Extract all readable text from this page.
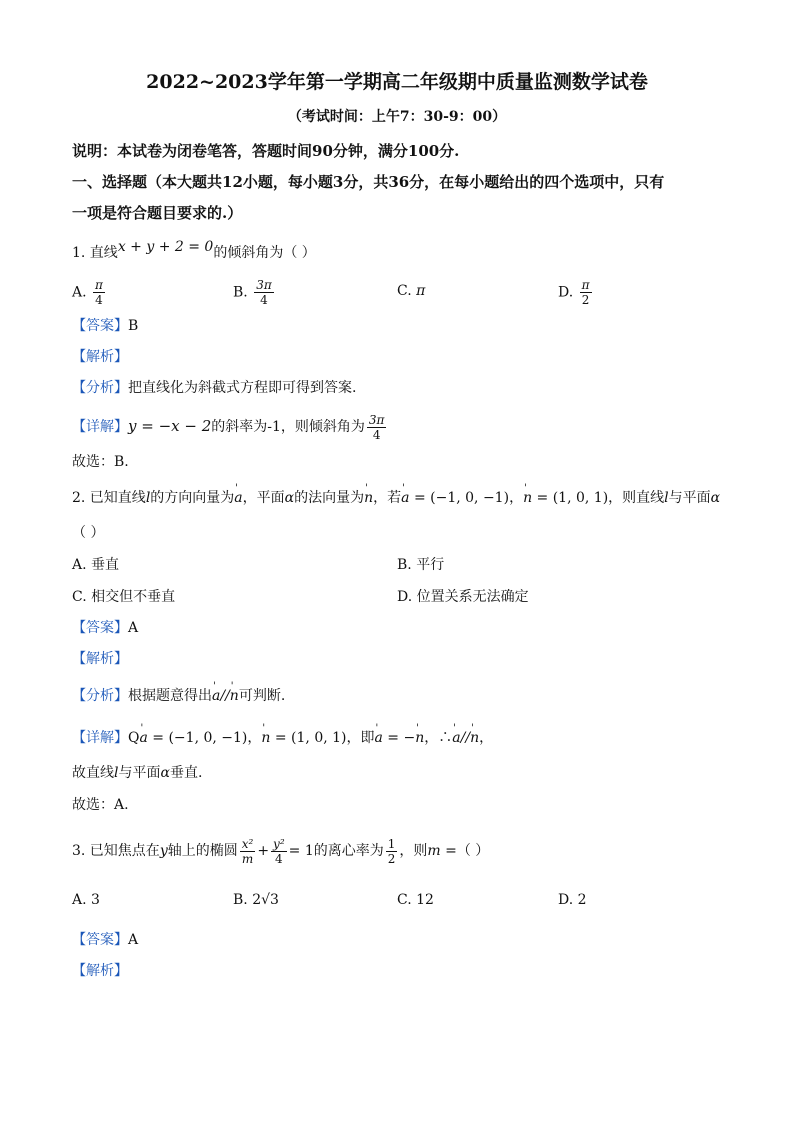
2022~2023学年第一学期高二年级期中质量监测数学试卷
（考试时间：上午7：30-9：00）
说明：本试卷为闭卷笔答，答题时间90分钟，满分100分.
一、选择题（本大题共12小题，每小题3分，共36分，在每小题给出的四个选项中，只有
一项是符合题目要求的.）
1. 直线x + y + 2 = 0的倾斜角为（ ）
A. $\frac{\pi}{4}$	B. $\frac{3\pi}{4}$	C. π	D. $\frac{\pi}{2}$
【答案】B
【解析】
【分析】把直线化为斜截式方程即可得到答案.
【详解】y = −x − 2的斜率为-1，则倾斜角为 $\frac{3\pi}{4}$
故选：B.
2. 已知直线l的方向向量为' a，平面α的法向量为' n，若' a = (−1, 0, −1)，' n = (1, 0, 1)，则直线l与平面α
（ ）
A. 垂直	B. 平行
C. 相交但不垂直	D. 位置关系无法确定
【答案】A
【解析】
【分析】根据题意得出' a//' n可判断.
【详解】Q' a = (−1, 0, −1)，' n = (1, 0, 1)，即' a = −' n，∴' a//' n，
故直线l与平面α垂直.
故选：A.
3. 已知焦点在y轴上的椭圆 $\frac{\text{x²}}{m} + \frac{\text{y²}}{4} = 1$的离心率为 $\frac{1}{2}$ ，则m =（ ）
A. 3	B. 2√3	C. 12	D. 2
【答案】A
【解析】
